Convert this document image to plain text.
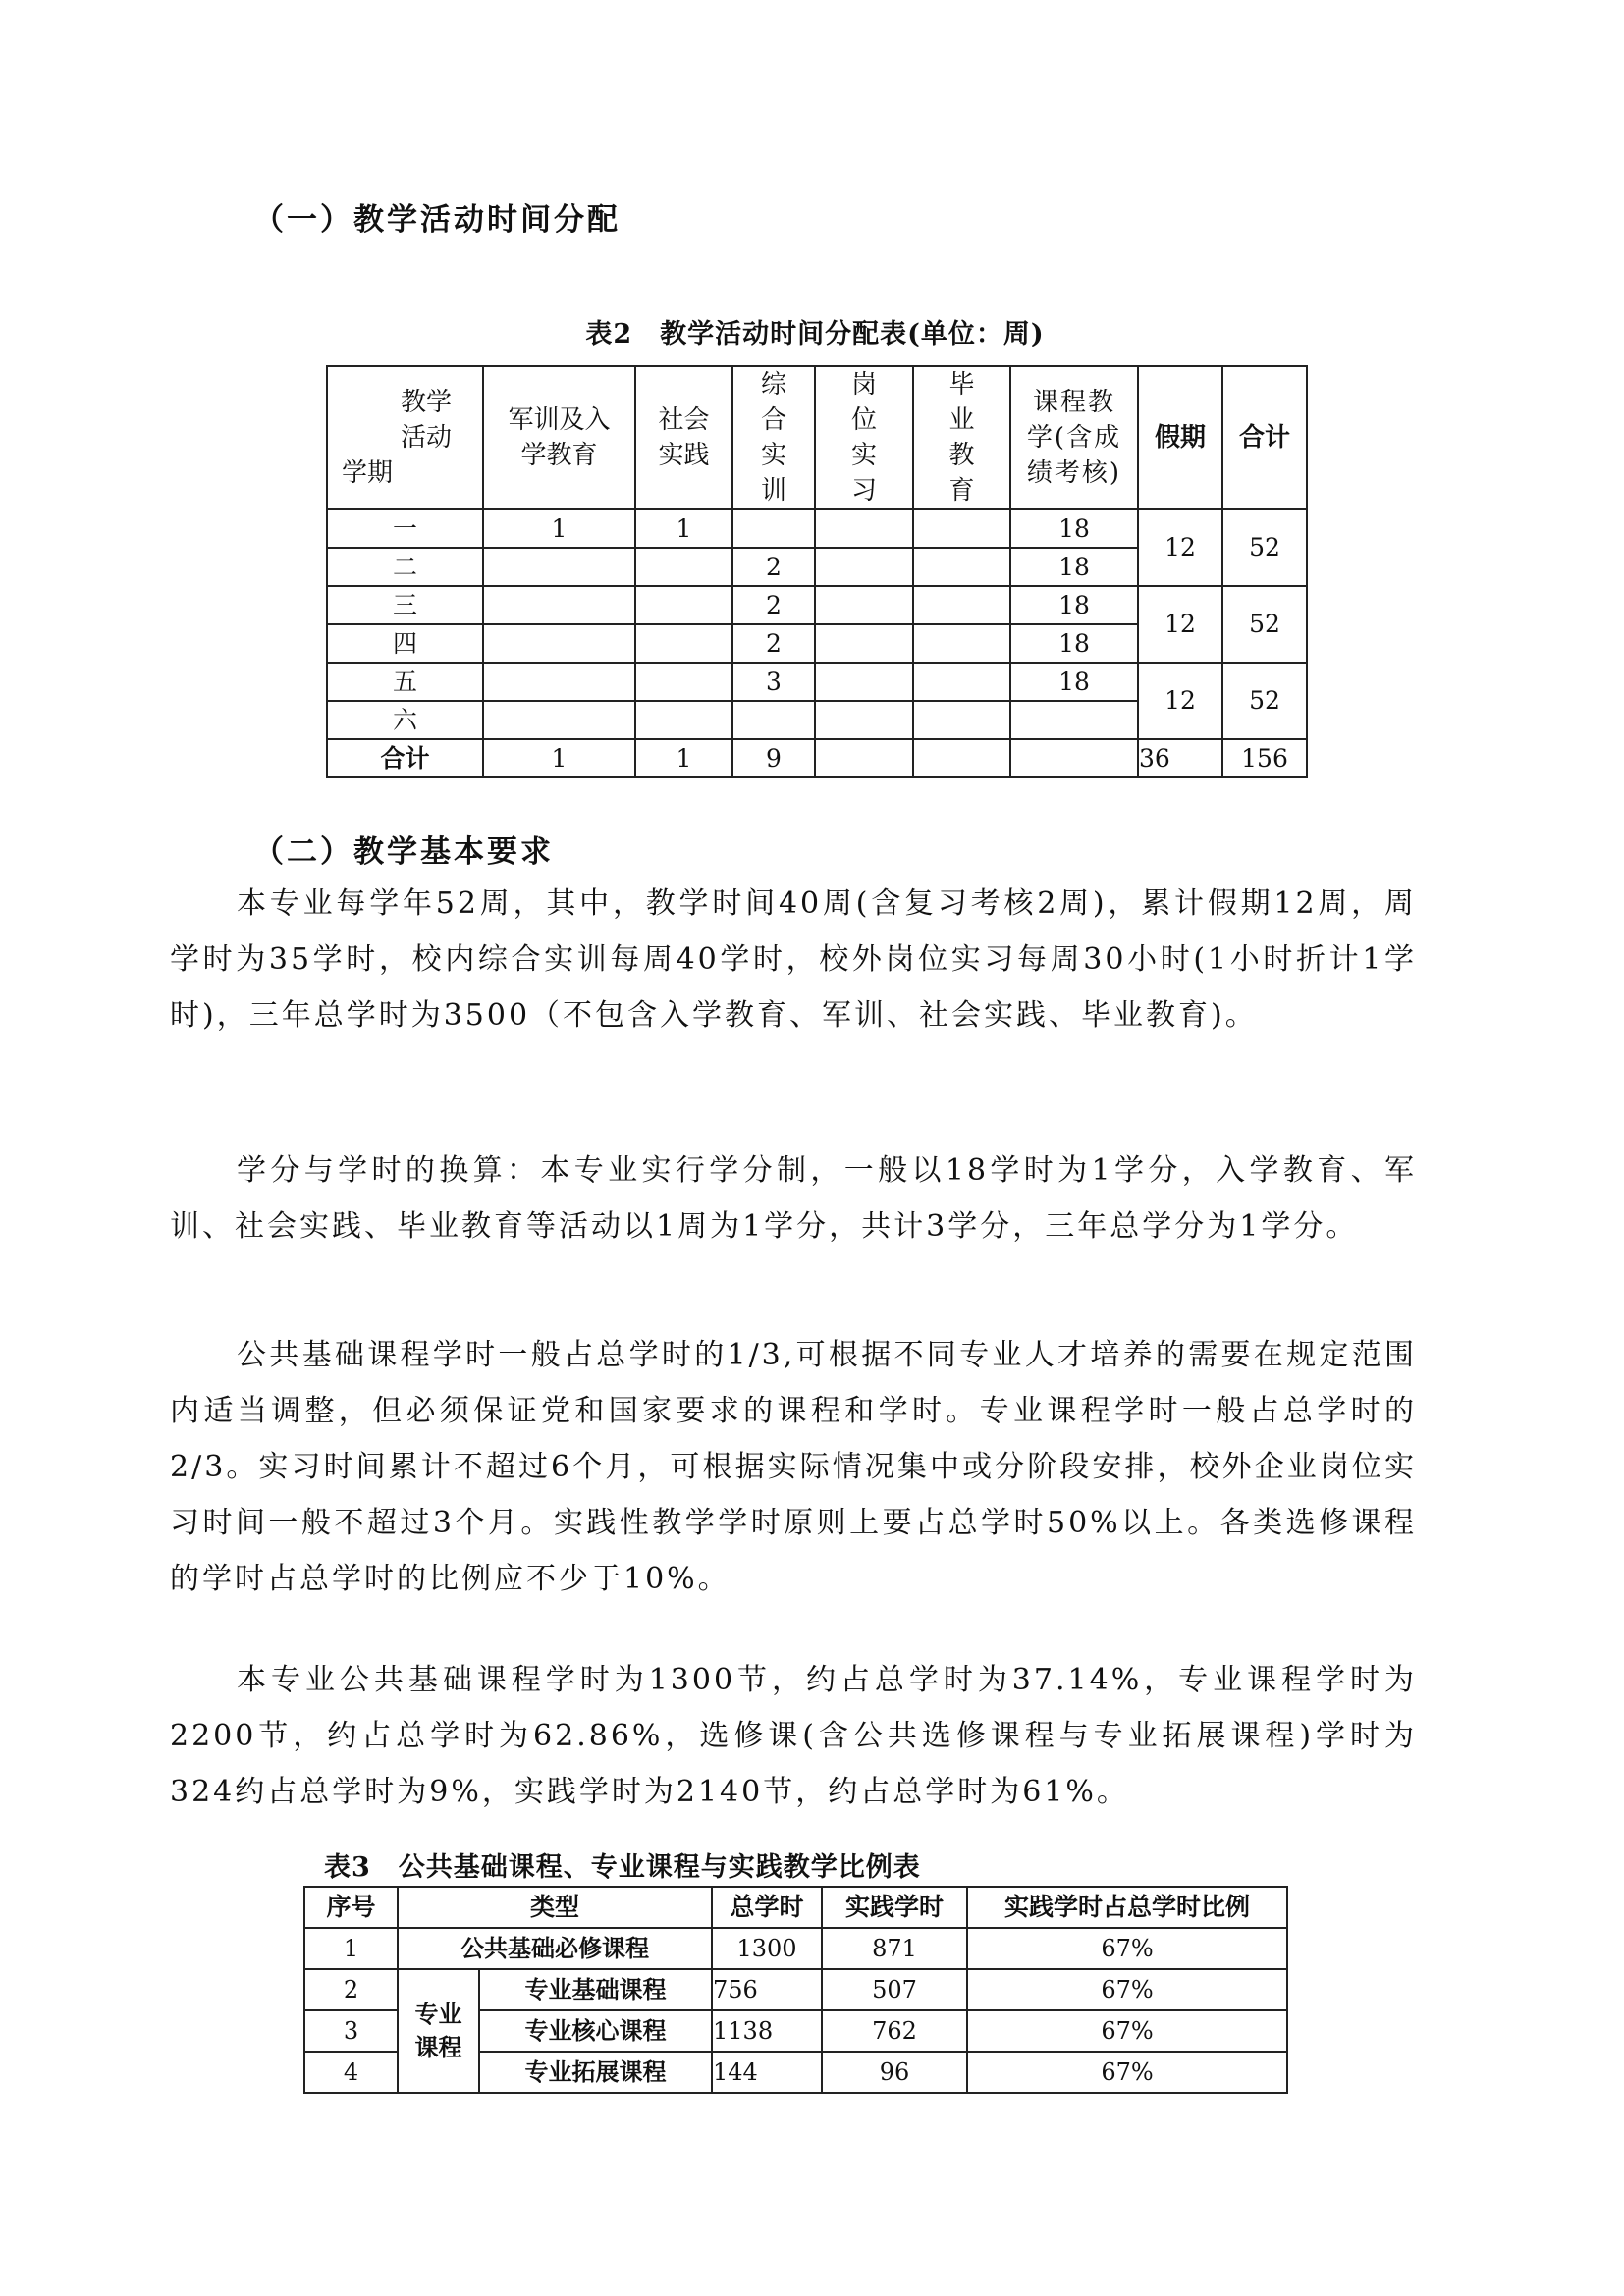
（一）教学活动时间分配
表2　教学活动时间分配表(单位：周)
教学
活动
学期	军训及入学教育	社会实践	综合实训	岗位实习	毕业教育	课程教学(含成绩考核)	假期	合计
一	1	1				18	12	52
二			2			18		
三			2			18	12	52
四			2			18		
五			3			18	12	52
六								
合计	1	1	9				36	156
（二）教学基本要求

本专业每学年52周，其中，教学时间40周(含复习考核2周)，累计假期12周，周学时为35学时，校内综合实训每周40学时，校外岗位实习每周30小时(1小时折计1学时)，三年总学时为3500（不包含入学教育、军训、社会实践、毕业教育)。

学分与学时的换算：本专业实行学分制，一般以18学时为1学分，入学教育、军训、社会实践、毕业教育等活动以1周为1学分，共计3学分，三年总学分为1学分。

公共基础课程学时一般占总学时的1/3,可根据不同专业人才培养的需要在规定范围内适当调整，但必须保证党和国家要求的课程和学时。专业课程学时一般占总学时的2/3。实习时间累计不超过6个月，可根据实际情况集中或分阶段安排，校外企业岗位实习时间一般不超过3个月。实践性教学学时原则上要占总学时50%以上。各类选修课程的学时占总学时的比例应不少于10%。

本专业公共基础课程学时为1300节，约占总学时为37.14%，专业课程学时为2200节，约占总学时为62.86%，选修课(含公共选修课程与专业拓展课程)学时为324约占总学时为9%，实践学时为2140节，约占总学时为61%。

表3　公共基础课程、专业课程与实践教学比例表
序号	类型		总学时	实践学时	实践学时占总学时比例
1	公共基础必修课程		1300	871	67%
2	专业课程	专业基础课程	756	507	67%
3		专业核心课程	1138	762	67%
4		专业拓展课程	144	96	67%
